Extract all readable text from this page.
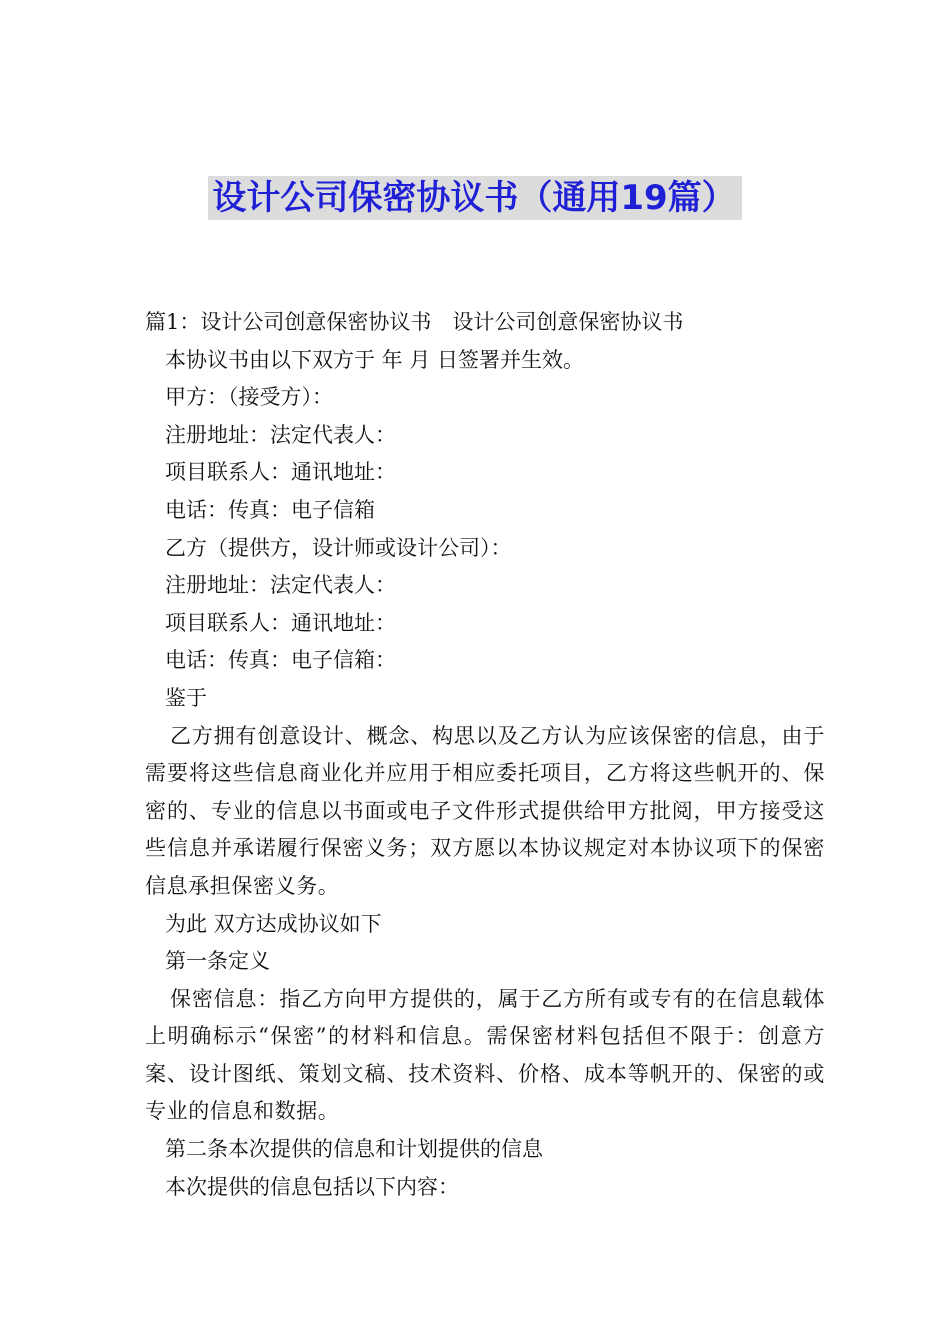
设计公司保密协议书（通用19篇）
篇1：设计公司创意保密协议书　设计公司创意保密协议书
本协议书由以下双方于 年 月 日签署并生效。
甲方：（接受方）：
注册地址：法定代表人：
项目联系人：通讯地址：
电话：传真：电子信箱
乙方（提供方，设计师或设计公司）：
注册地址：法定代表人：
项目联系人：通讯地址：
电话：传真：电子信箱：
鉴于
乙方拥有创意设计、概念、构思以及乙方认为应该保密的信息，由于需要将这些信息商业化并应用于相应委托项目，乙方将这些帆开的、保密的、专业的信息以书面或电子文件形式提供给甲方批阅，甲方接受这些信息并承诺履行保密义务；双方愿以本协议规定对本协议项下的保密信息承担保密义务。
为此 双方达成协议如下
第一条定义
保密信息：指乙方向甲方提供的，属于乙方所有或专有的在信息载体上明确标示“保密”的材料和信息。需保密材料包括但不限于：创意方案、设计图纸、策划文稿、技术资料、价格、成本等帆开的、保密的或专业的信息和数据。
第二条本次提供的信息和计划提供的信息
本次提供的信息包括以下内容：
